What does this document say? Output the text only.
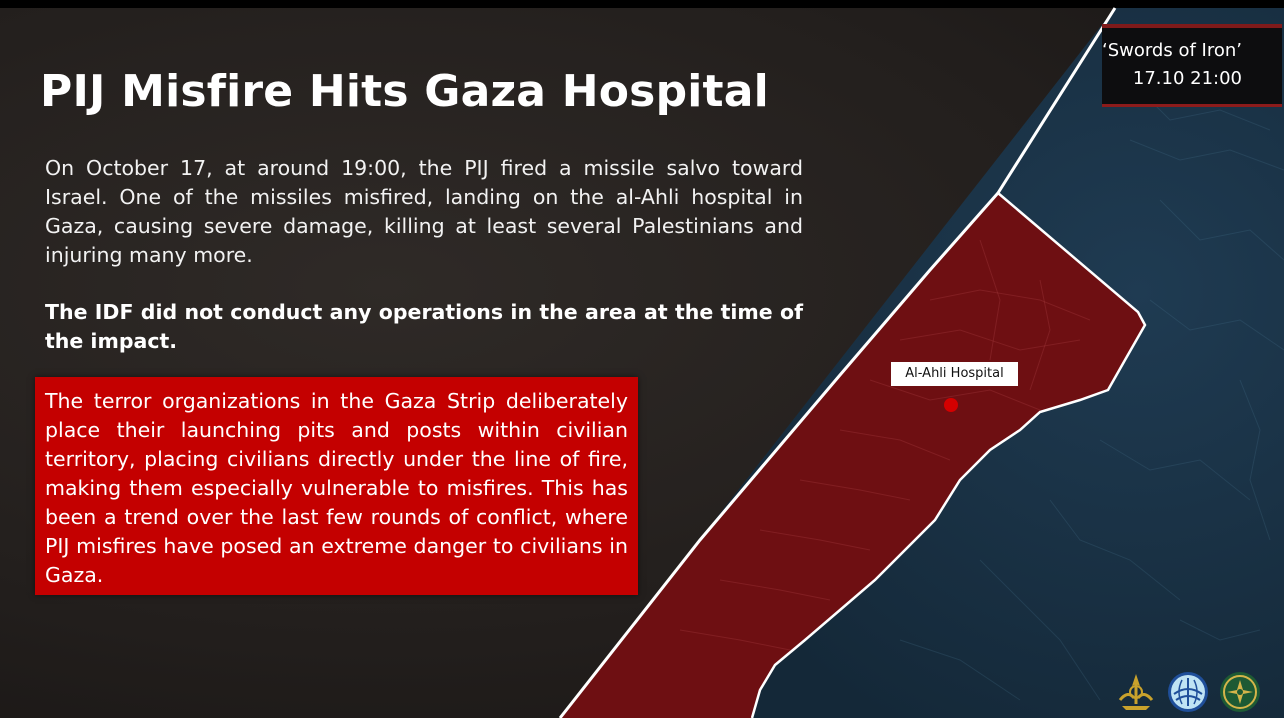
PIJ Misfire Hits Gaza Hospital

On October 17, at around 19:00, the PIJ fired a missile salvo toward Israel. One of the missiles misfired, landing on the al-Ahli hospital in Gaza, causing severe damage, killing at least several Palestinians and injuring many more.

The IDF did not conduct any operations in the area at the time of the impact.

The terror organizations in the Gaza Strip deliberately place their launching pits and posts within civilian territory, placing civilians directly under the line of fire, making them especially vulnerable to misfires. This has been a trend over the last few rounds of conflict, where PIJ misfires have posed an extreme danger to civilians in Gaza.

‘Swords of Iron’
17.10 21:00
Al-Ahli Hospital
